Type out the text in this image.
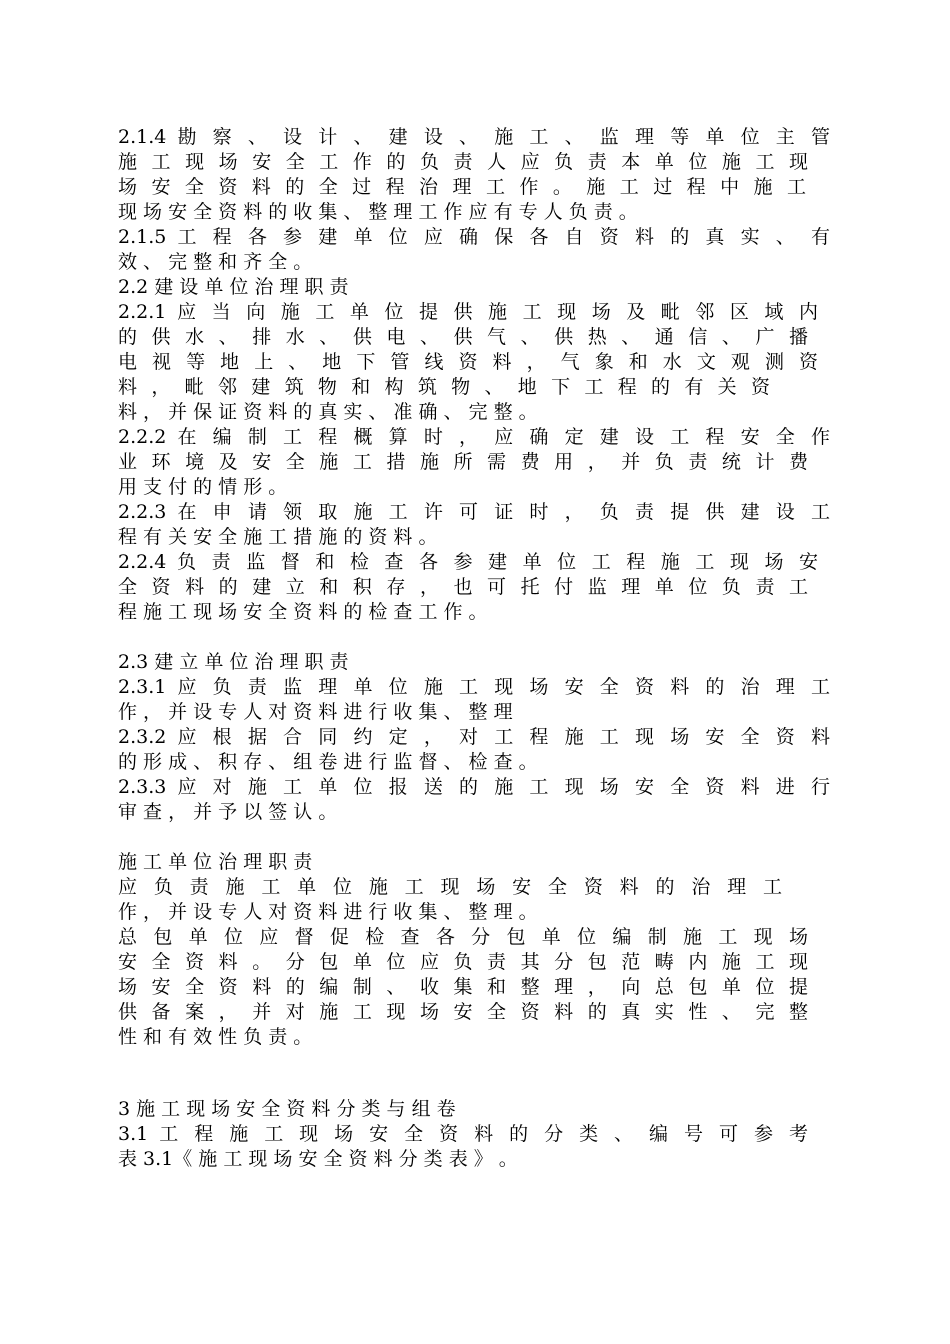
2.1.4 勘 察 、 设 计 、 建 设 、 施 工 、 监 理 等 单 位 主 管
施 工 现 场 安 全 工 作 的 负 责 人 应 负 责 本 单 位 施 工 现
场 安 全 资 料 的 全 过 程 治 理 工 作 。 施 工 过 程 中 施 工
现 场 安 全 资 料 的 收 集 、 整 理 工 作 应 有 专 人 负 责 。
2.1.5 工 程 各 参 建 单 位 应 确 保 各 自 资 料 的 真 实 、 有
效 、 完 整 和 齐 全 。
2.2 建 设 单 位 治 理 职 责
2.2.1 应 当 向 施 工 单 位 提 供 施 工 现 场 及 毗 邻 区 域 内
的 供 水 、 排 水 、 供 电 、 供 气 、 供 热 、 通 信 、 广 播
电 视 等 地 上 、 地 下 管 线 资 料 ， 气 象 和 水 文 观 测 资
料 ， 毗 邻 建 筑 物 和 构 筑 物 、 地 下 工 程 的 有 关 资
料 ， 并 保 证 资 料 的 真 实 、 准 确 、 完 整 。
2.2.2 在 编 制 工 程 概 算 时 ， 应 确 定 建 设 工 程 安 全 作
业 环 境 及 安 全 施 工 措 施 所 需 费 用 ， 并 负 责 统 计 费
用 支 付 的 情 形 。
2.2.3 在 申 请 领 取 施 工 许 可 证 时 ， 负 责 提 供 建 设 工
程 有 关 安 全 施 工 措 施 的 资 料 。
2.2.4 负 责 监 督 和 检 查 各 参 建 单 位 工 程 施 工 现 场 安
全 资 料 的 建 立 和 积 存 ， 也 可 托 付 监 理 单 位 负 责 工
程 施 工 现 场 安 全 资 料 的 检 查 工 作 。
2.3 建 立 单 位 治 理 职 责
2.3.1 应 负 责 监 理 单 位 施 工 现 场 安 全 资 料 的 治 理 工
作 ， 并 设 专 人 对 资 料 进 行 收 集 、 整 理
2.3.2 应 根 据 合 同 约 定 ， 对 工 程 施 工 现 场 安 全 资 料
的 形 成 、 积 存 、 组 卷 进 行 监 督 、 检 查 。
2.3.3 应 对 施 工 单 位 报 送 的 施 工 现 场 安 全 资 料 进 行
审 查 ， 并 予 以 签 认 。
施 工 单 位 治 理 职 责
应 负 责 施 工 单 位 施 工 现 场 安 全 资 料 的 治 理 工
作 ， 并 设 专 人 对 资 料 进 行 收 集 、 整 理 。
总 包 单 位 应 督 促 检 查 各 分 包 单 位 编 制 施 工 现 场
安 全 资 料 。 分 包 单 位 应 负 责 其 分 包 范 畴 内 施 工 现
场 安 全 资 料 的 编 制 、 收 集 和 整 理 ， 向 总 包 单 位 提
供 备 案 ， 并 对 施 工 现 场 安 全 资 料 的 真 实 性 、 完 整
性 和 有 效 性 负 责 。
3 施 工 现 场 安 全 资 料 分 类 与 组 卷
3.1 工 程 施 工 现 场 安 全 资 料 的 分 类 、 编 号 可 参 考
表 3.1《 施 工 现 场 安 全 资 料 分 类 表 》 。
